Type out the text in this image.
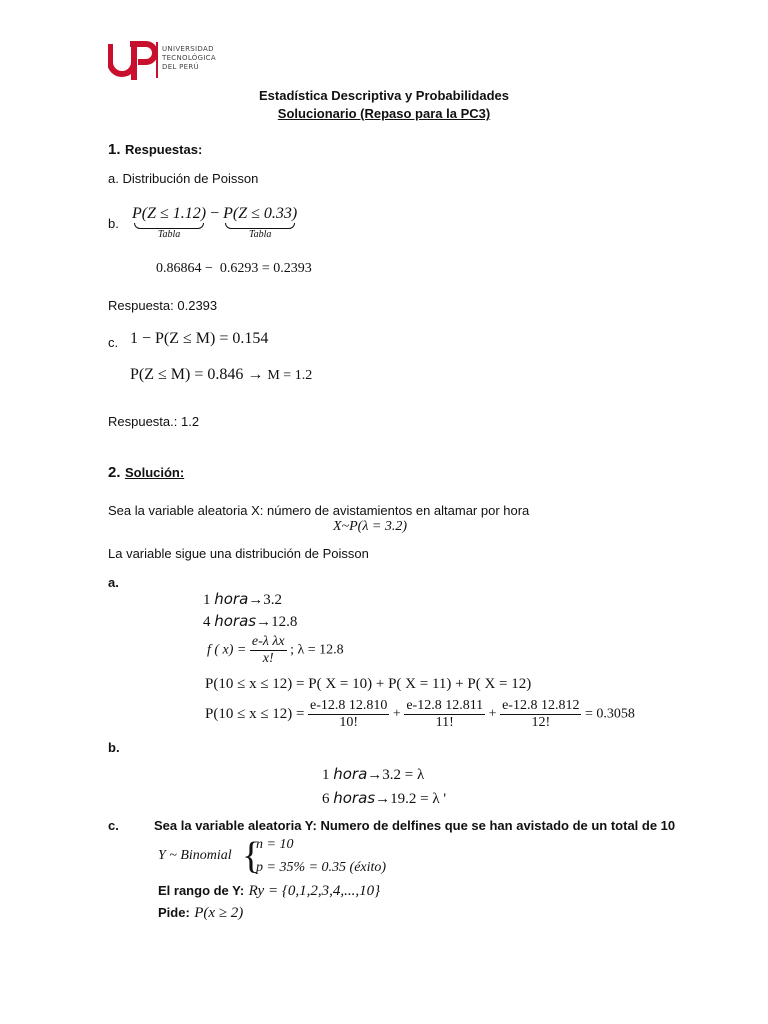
UNIVERSIDAD
TECNOLÓGICA
DEL PERÚ
Estadística Descriptiva y Probabilidades
Solucionario (Repaso para la PC3)
1. Respuestas:
a. Distribución de Poisson
b.
P(Z ≤ 1.12)
Tabla
− P(Z ≤ 0.33)
Tabla
0.86864 − 0.6293 = 0.2393
Respuesta: 0.2393
c. 1 − P(Z ≤ M) = 0.154
P(Z ≤ M) = 0.846 → M = 1.2
Respuesta.: 1.2
2. Solución:
Sea la variable aleatoria X: número de avistamientos en altamar por hora
X~P(λ = 3.2)
La variable sigue una distribución de Poisson
a.
1 hora→3.2
4 horas→12.8
f ( $x) = \frac{\text{e-λ λx}}{x!}$ ; λ = 12.8
P(10 ≤ x ≤ 12) = P( X = 10) + P( X = 11) + P( X = 12)
$P(10 \le x \le 12) = \frac{e-12.8 12.810}{10!} + \frac{e-12.8 12.811}{11!} + \frac{e-12.8 12.812}{12!} = 0.3058$
b.
1 hora→3.2 = λ
6 horas→19.2 = λ '
c.	Sea la variable aleatoria Y: Numero de delfines que se han avistado de un total de 10
Y ~ Binomial {
n = 10
p = 35% = 0.35 (éxito)
El rango de Y: Ry = {0,1,2,3,4,...,10}
Pide: P(x ≥ 2)
